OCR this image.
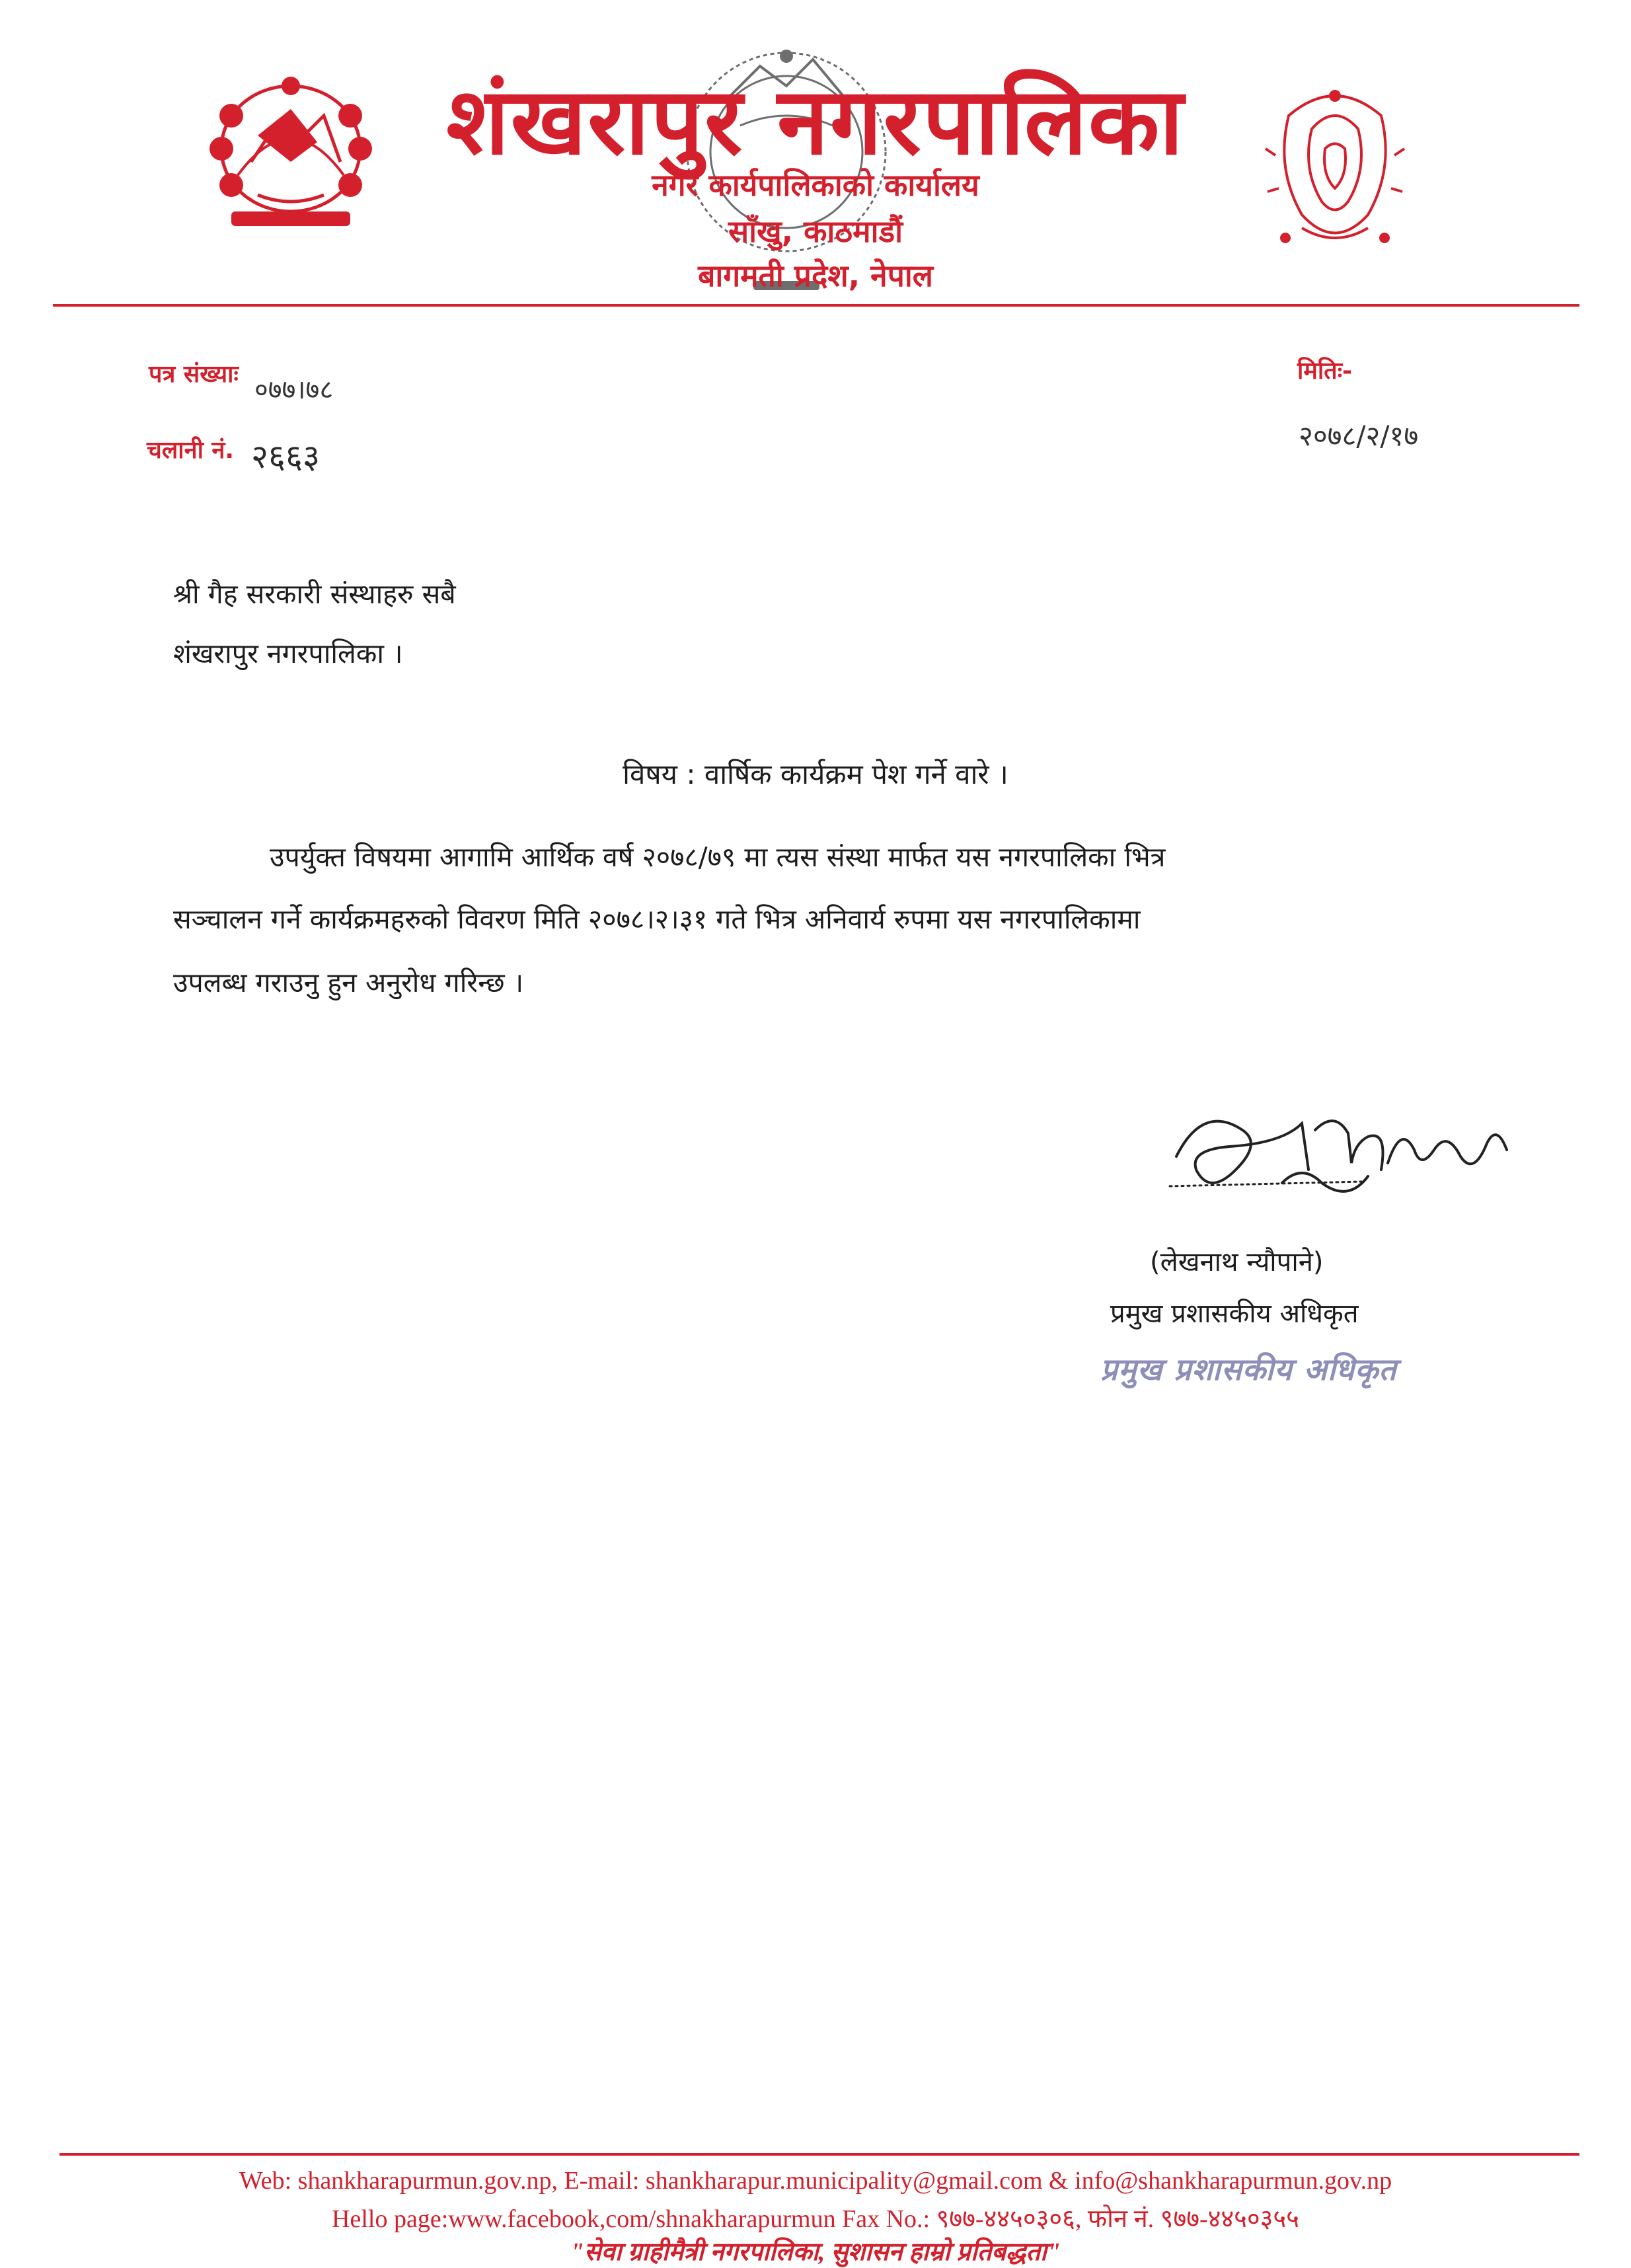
शंखरापुर नगरपालिका
नगर कार्यपालिकाको कार्यालय
साँखु, काठमाडौं
बागमती प्रदेश, नेपाल
पत्र संख्याः
०७७।७८
चलानी नं. २६६३
मितिः-
२०७८/२/१७
श्री गैह सरकारी संस्थाहरु सबै
शंखरापुर नगरपालिका ।
विषय : वार्षिक कार्यक्रम पेश गर्ने वारे ।
उपर्युक्त विषयमा आगामि आर्थिक वर्ष २०७८/७९ मा त्यस संस्था मार्फत यस नगरपालिका भित्र
सञ्चालन गर्ने कार्यक्रमहरुको विवरण मिति २०७८।२।३१ गते भित्र अनिवार्य रुपमा यस नगरपालिकामा
उपलब्ध गराउनु हुन अनुरोध गरिन्छ ।
(लेखनाथ न्यौपाने)
प्रमुख प्रशासकीय अधिकृत
प्रमुख प्रशासकीय अधिकृत
Web: shankharapurmun.gov.np, E-mail: shankharapur.municipality@gmail.com & info@shankharapurmun.gov.np
Hello page:www.facebook,com/shnakharapurmun Fax No.: ९७७-४४५०३०६, फोन नं. ९७७-४४५०३५५
"सेवा ग्राहीमैत्री नगरपालिका, सुशासन हाम्रो प्रतिबद्धता"
